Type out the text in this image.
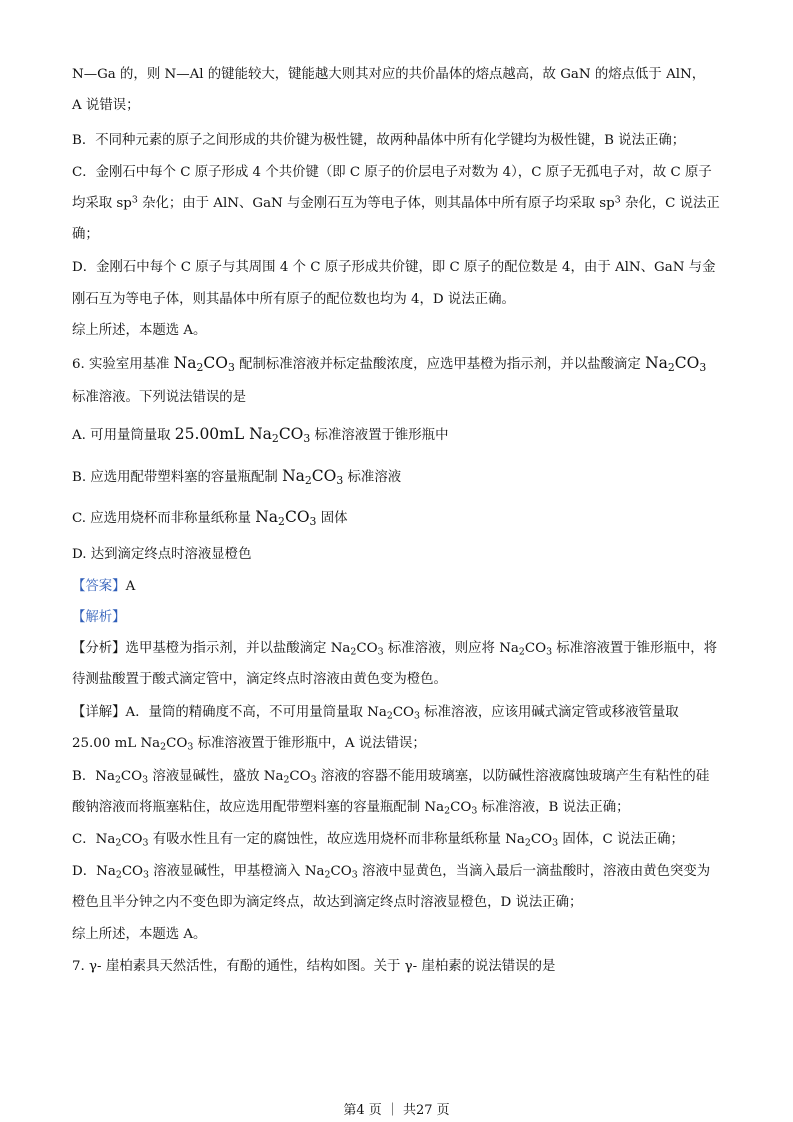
N—Ga 的，则 N—Al 的键能较大，键能越大则其对应的共价晶体的熔点越高，故 GaN 的熔点低于 AlN，
A 说错误；
B．不同种元素的原子之间形成的共价键为极性键，故两种晶体中所有化学键均为极性键，B 说法正确；
C．金刚石中每个 C 原子形成 4 个共价键（即 C 原子的价层电子对数为 4），C 原子无孤电子对，故 C 原子
均采取 $sp^3$ 杂化；由于 AlN、GaN 与金刚石互为等电子体，则其晶体中所有原子均采取 $sp^3$ 杂化，C 说法正
确；
D．金刚石中每个 C 原子与其周围 4 个 C 原子形成共价键，即 C 原子的配位数是 4，由于 AlN、GaN 与金
刚石互为等电子体，则其晶体中所有原子的配位数也均为 4，D 说法正确。
综上所述，本题选 A。
6. 实验室用基准 $Na_2CO_3$ 配制标准溶液并标定盐酸浓度，应选甲基橙为指示剂，并以盐酸滴定 $Na_2CO_3$
标准溶液。下列说法错误的是
A. 可用量筒量取 25.00mL $Na_2CO_3$ 标准溶液置于锥形瓶中
B. 应选用配带塑料塞的容量瓶配制 $Na_2CO_3$ 标准溶液
C. 应选用烧杯而非称量纸称量 $Na_2CO_3$ 固体
D. 达到滴定终点时溶液显橙色
【答案】A
【解析】
【分析】选甲基橙为指示剂，并以盐酸滴定 $Na_2CO_3$ 标准溶液，则应将 $Na_2CO_3$ 标准溶液置于锥形瓶中，将
待测盐酸置于酸式滴定管中，滴定终点时溶液由黄色变为橙色。
【详解】A．量筒的精确度不高，不可用量筒量取 $Na_2CO_3$ 标准溶液，应该用碱式滴定管或移液管量取
25.00 mL $Na_2CO_3$ 标准溶液置于锥形瓶中，A 说法错误；
B．$Na_2CO_3$ 溶液显碱性，盛放 $Na_2CO_3$ 溶液的容器不能用玻璃塞，以防碱性溶液腐蚀玻璃产生有粘性的硅
酸钠溶液而将瓶塞粘住，故应选用配带塑料塞的容量瓶配制 $Na_2CO_3$ 标准溶液，B 说法正确；
C．$Na_2CO_3$ 有吸水性且有一定的腐蚀性，故应选用烧杯而非称量纸称量 $Na_2CO_3$ 固体，C 说法正确；
D．$Na_2CO_3$ 溶液显碱性，甲基橙滴入 $Na_2CO_3$ 溶液中显黄色，当滴入最后一滴盐酸时，溶液由黄色突变为
橙色且半分钟之内不变色即为滴定终点，故达到滴定终点时溶液显橙色，D 说法正确；
综上所述，本题选 A。
7. γ- 崖柏素具天然活性，有酚的通性，结构如图。关于 γ- 崖柏素的说法错误的是
第4 页 ｜ 共27 页
